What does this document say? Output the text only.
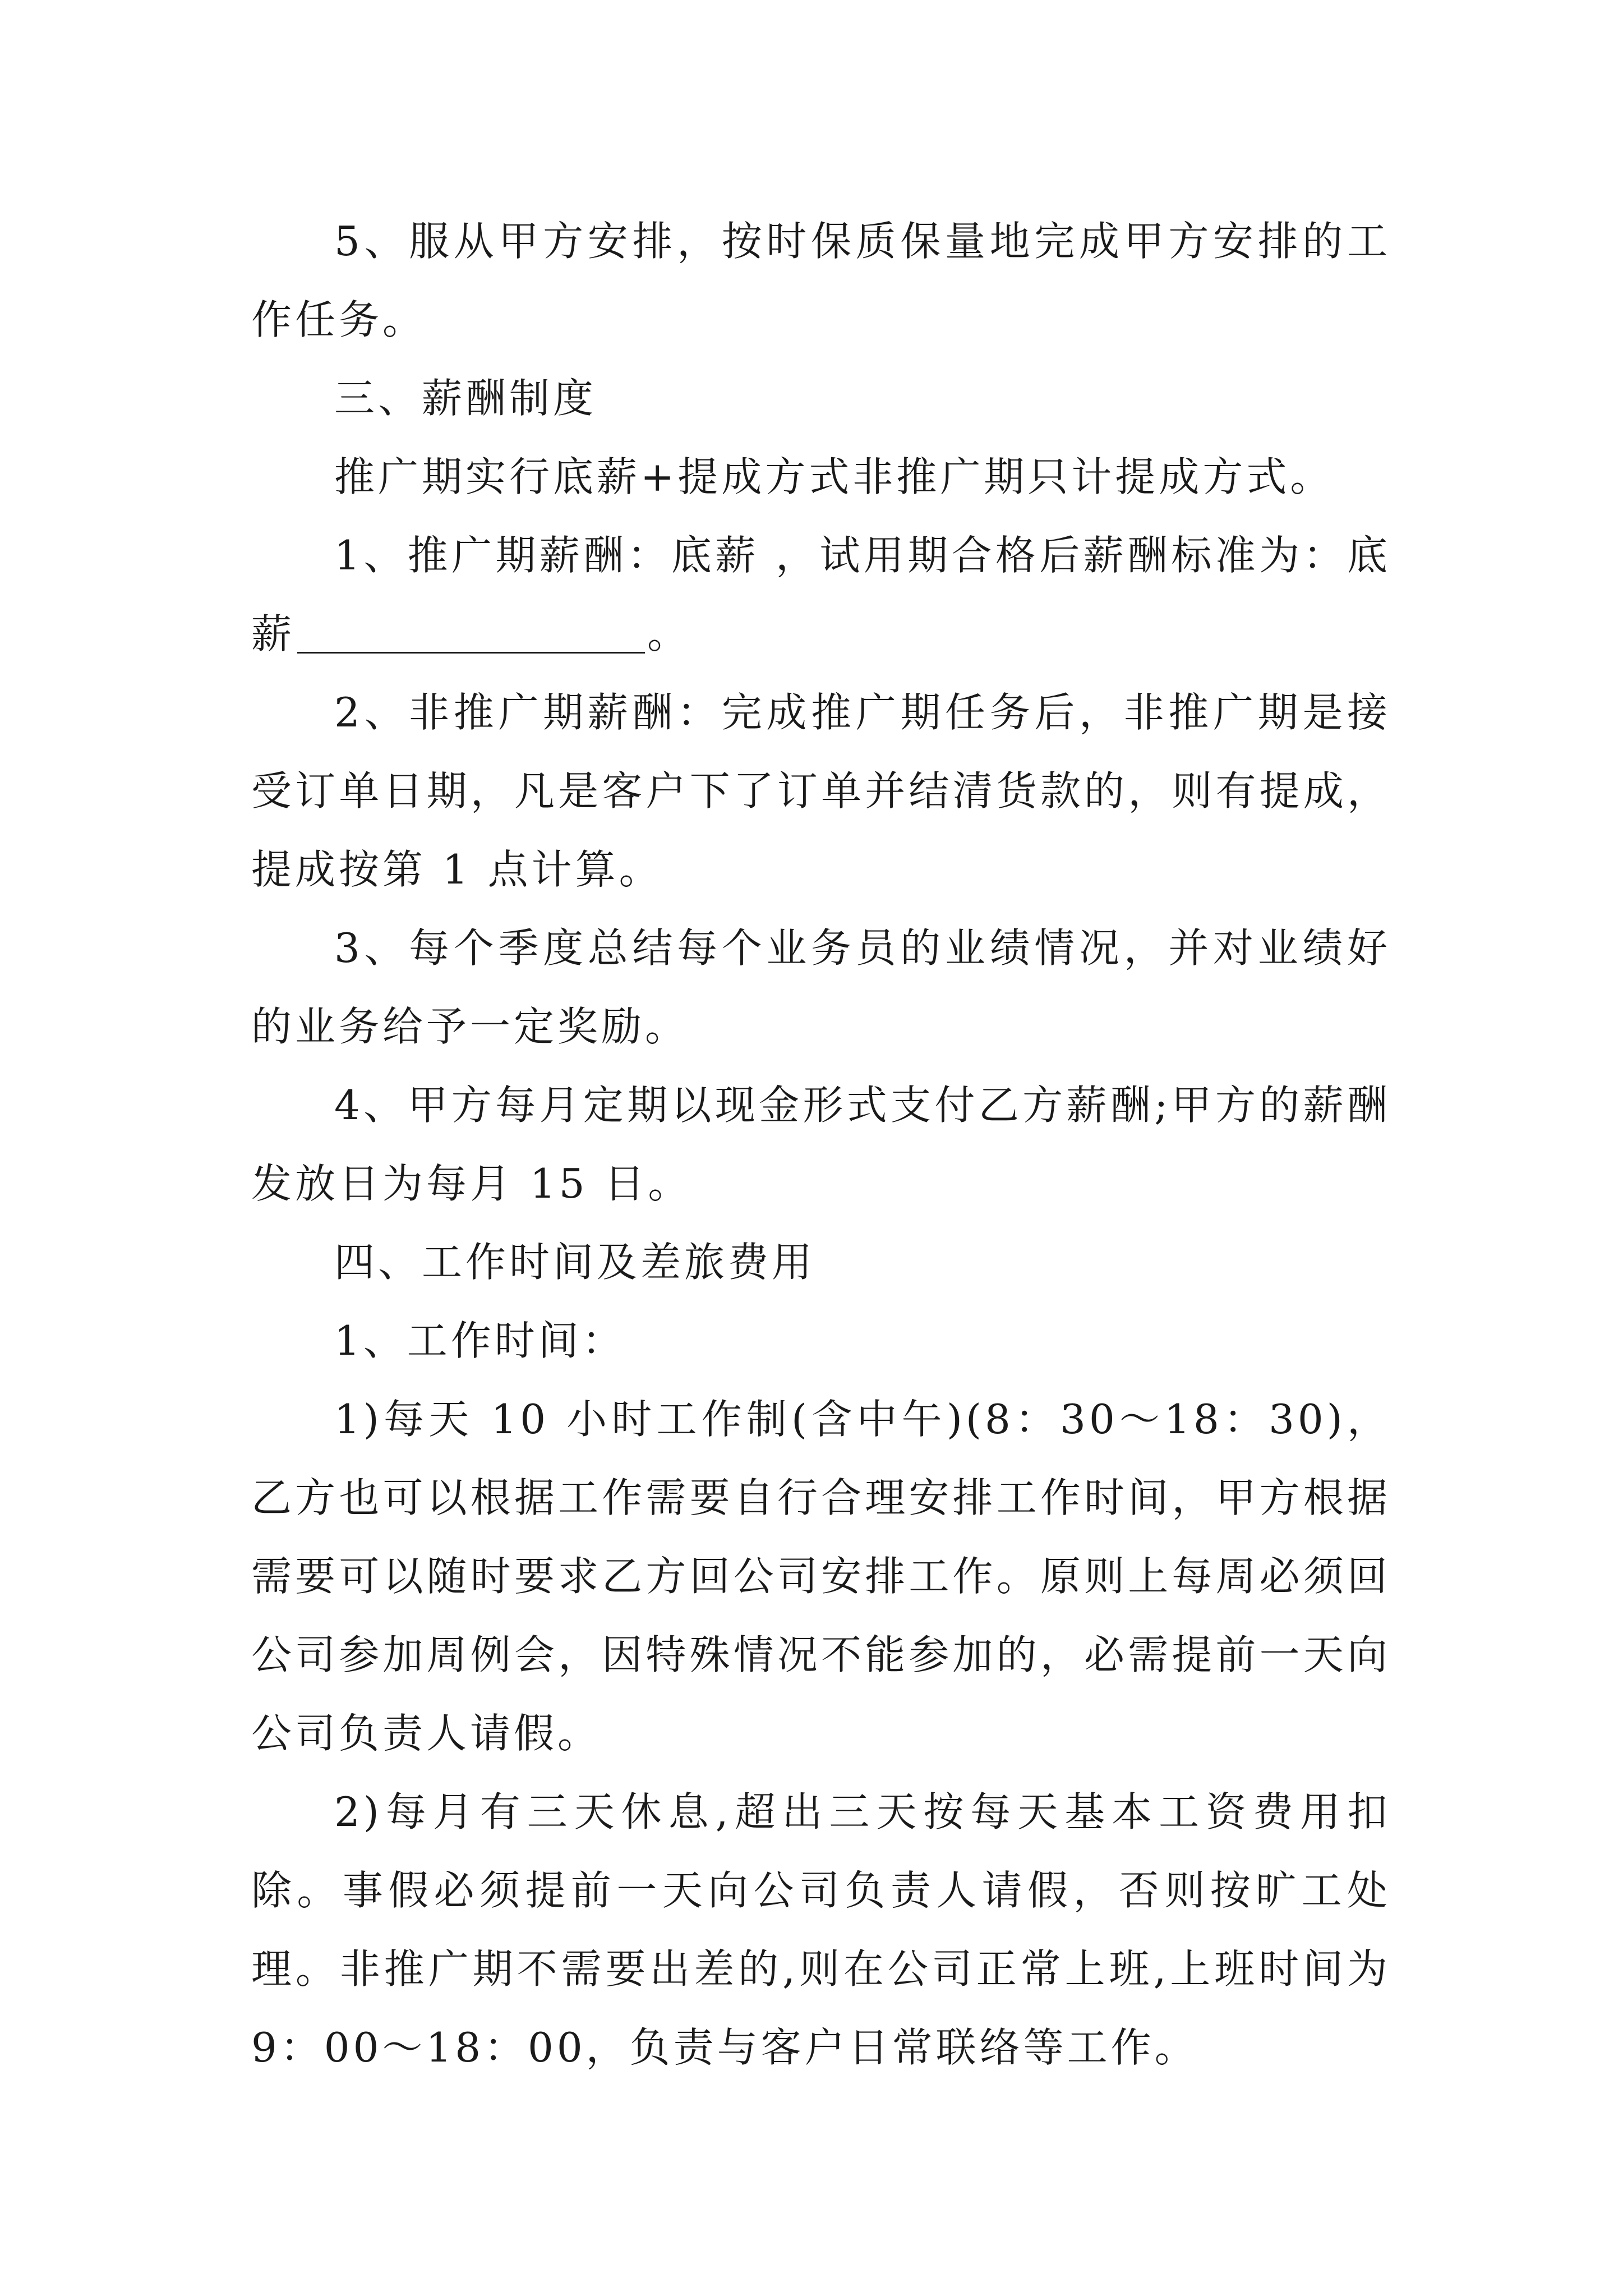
5、服从甲方安排，按时保质保量地完成甲方安排的工作任务。

三、薪酬制度

推广期实行底薪+提成方式非推广期只计提成方式。

1、推广期薪酬：底薪 ，试用期合格后薪酬标准为：底薪	。

2、非推广期薪酬：完成推广期任务后，非推广期是接受订单日期，凡是客户下了订单并结清货款的，则有提成，提成按第 1 点计算。

3、每个季度总结每个业务员的业绩情况，并对业绩好的业务给予一定奖励。

4、甲方每月定期以现金形式支付乙方薪酬;甲方的薪酬发放日为每月 15 日。

四、工作时间及差旅费用

1、工作时间：

1)每天 10 小时工作制(含中午)(8：30～18：30)，乙方也可以根据工作需要自行合理安排工作时间，甲方根据需要可以随时要求乙方回公司安排工作。原则上每周必须回公司参加周例会，因特殊情况不能参加的，必需提前一天向公司负责人请假。

2)每月有三天休息,超出三天按每天基本工资费用扣除。事假必须提前一天向公司负责人请假，否则按旷工处理。非推广期不需要出差的,则在公司正常上班,上班时间为9：00～18：00，负责与客户日常联络等工作。
